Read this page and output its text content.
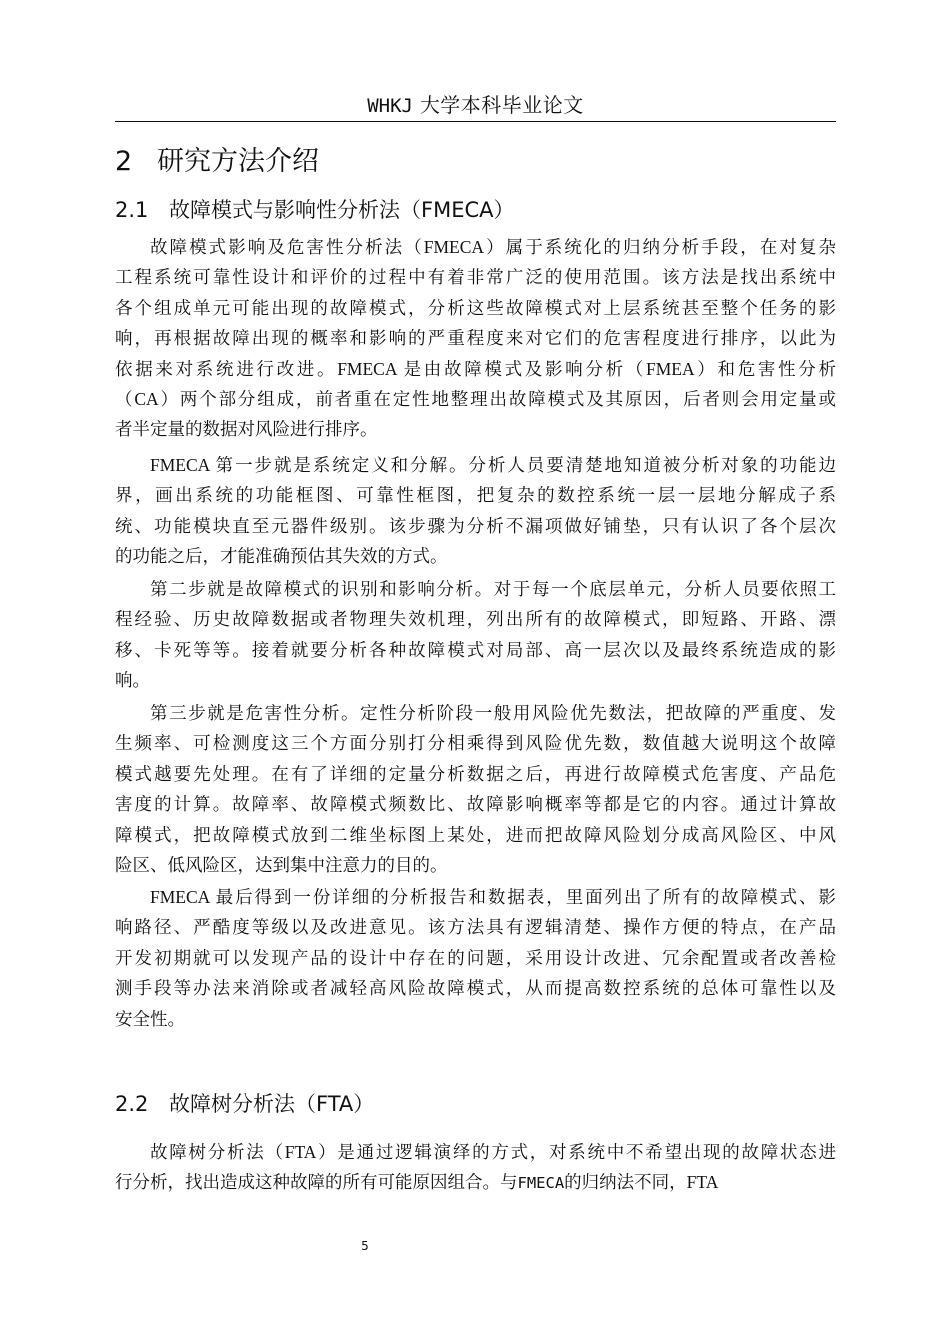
WHKJ 大学本科毕业论文
2 研究方法介绍
2.1 故障模式与影响性分析法（FMECA）
故障模式影响及危害性分析法（FMECA）属于系统化的归纳分析手段，在对复杂
工程系统可靠性设计和评价的过程中有着非常广泛的使用范围。该方法是找出系统中
各个组成单元可能出现的故障模式，分析这些故障模式对上层系统甚至整个任务的影
响，再根据故障出现的概率和影响的严重程度来对它们的危害程度进行排序，以此为
依据来对系统进行改进。FMECA 是由故障模式及影响分析（FMEA）和危害性分析
（CA）两个部分组成，前者重在定性地整理出故障模式及其原因，后者则会用定量或
者半定量的数据对风险进行排序。
FMECA 第一步就是系统定义和分解。分析人员要清楚地知道被分析对象的功能边
界，画出系统的功能框图、可靠性框图，把复杂的数控系统一层一层地分解成子系
统、功能模块直至元器件级别。该步骤为分析不漏项做好铺垫，只有认识了各个层次
的功能之后，才能准确预估其失效的方式。
第二步就是故障模式的识别和影响分析。对于每一个底层单元，分析人员要依照工
程经验、历史故障数据或者物理失效机理，列出所有的故障模式，即短路、开路、漂
移、卡死等等。接着就要分析各种故障模式对局部、高一层次以及最终系统造成的影
响。
第三步就是危害性分析。定性分析阶段一般用风险优先数法，把故障的严重度、发
生频率、可检测度这三个方面分别打分相乘得到风险优先数，数值越大说明这个故障
模式越要先处理。在有了详细的定量分析数据之后，再进行故障模式危害度、产品危
害度的计算。故障率、故障模式频数比、故障影响概率等都是它的内容。通过计算故
障模式，把故障模式放到二维坐标图上某处，进而把故障风险划分成高风险区、中风
险区、低风险区，达到集中注意力的目的。
FMECA 最后得到一份详细的分析报告和数据表，里面列出了所有的故障模式、影
响路径、严酷度等级以及改进意见。该方法具有逻辑清楚、操作方便的特点，在产品
开发初期就可以发现产品的设计中存在的问题，采用设计改进、冗余配置或者改善检
测手段等办法来消除或者减轻高风险故障模式，从而提高数控系统的总体可靠性以及
安全性。
2.2 故障树分析法（FTA）
故障树分析法（FTA）是通过逻辑演绎的方式，对系统中不希望出现的故障状态进
行分析，找出造成这种故障的所有可能原因组合。与FMECA的归纳法不同，FTA
5
